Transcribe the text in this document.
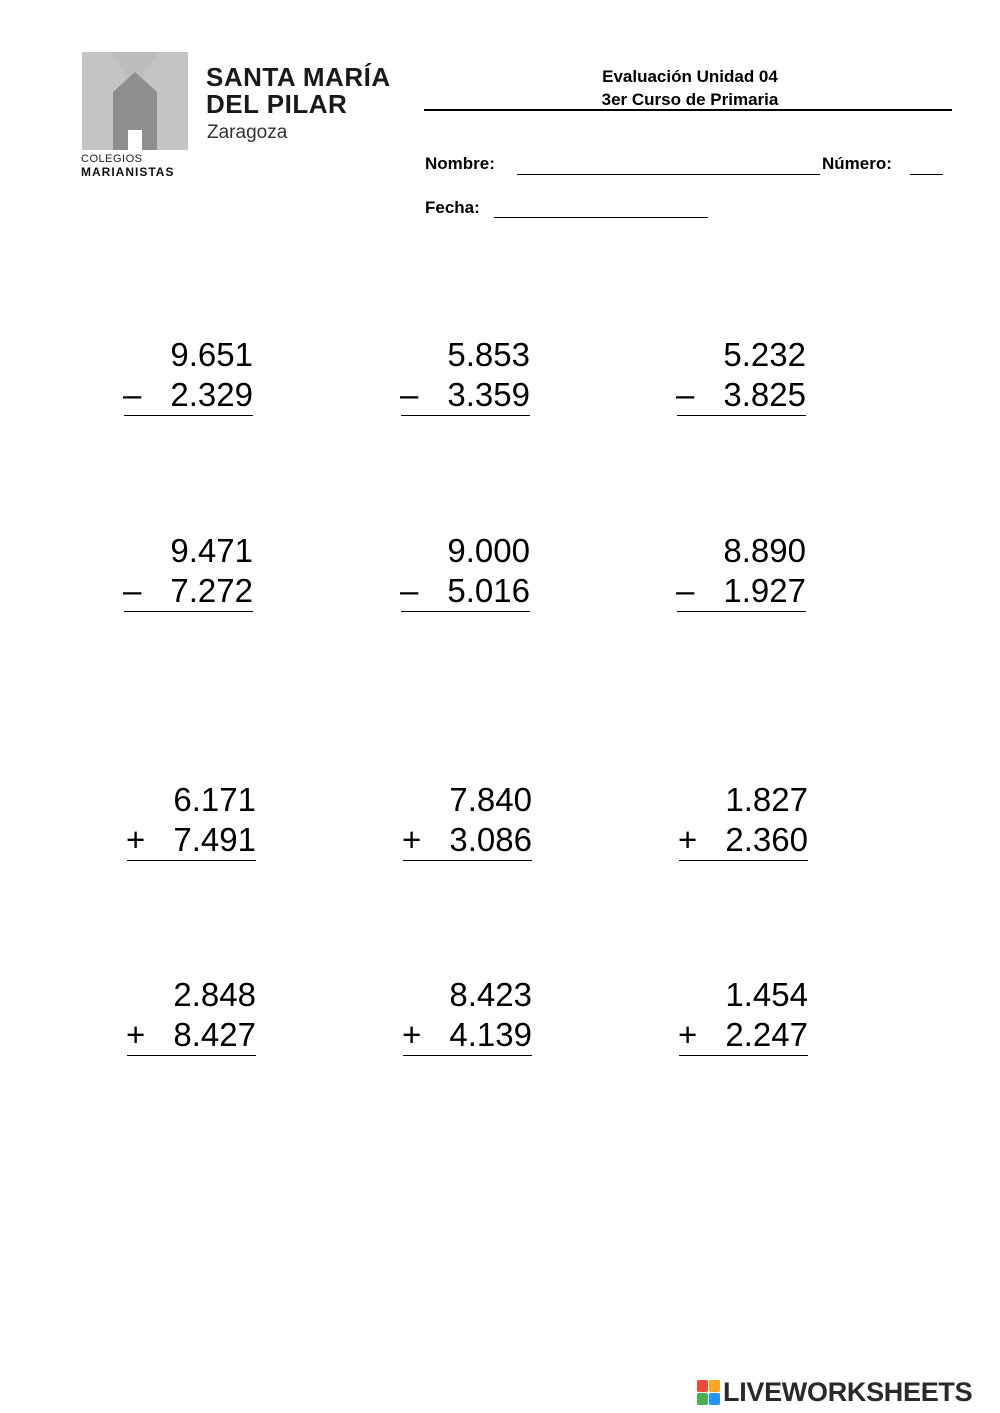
SANTA MARÍA
DEL PILAR
Zaragoza
COLEGIOS
MARIANISTAS
Evaluación Unidad 04
3er Curso de Primaria
Nombre:	Número:
Fecha:
9.651
– 2.329
5.853
– 3.359
5.232
– 3.825
9.471
– 7.272
9.000
– 5.016
8.890
– 1.927
6.171
+ 7.491
7.840
+ 3.086
1.827
+ 2.360
2.848
+ 8.427
8.423
+ 4.139
1.454
+ 2.247
LIVEWORKSHEETS
